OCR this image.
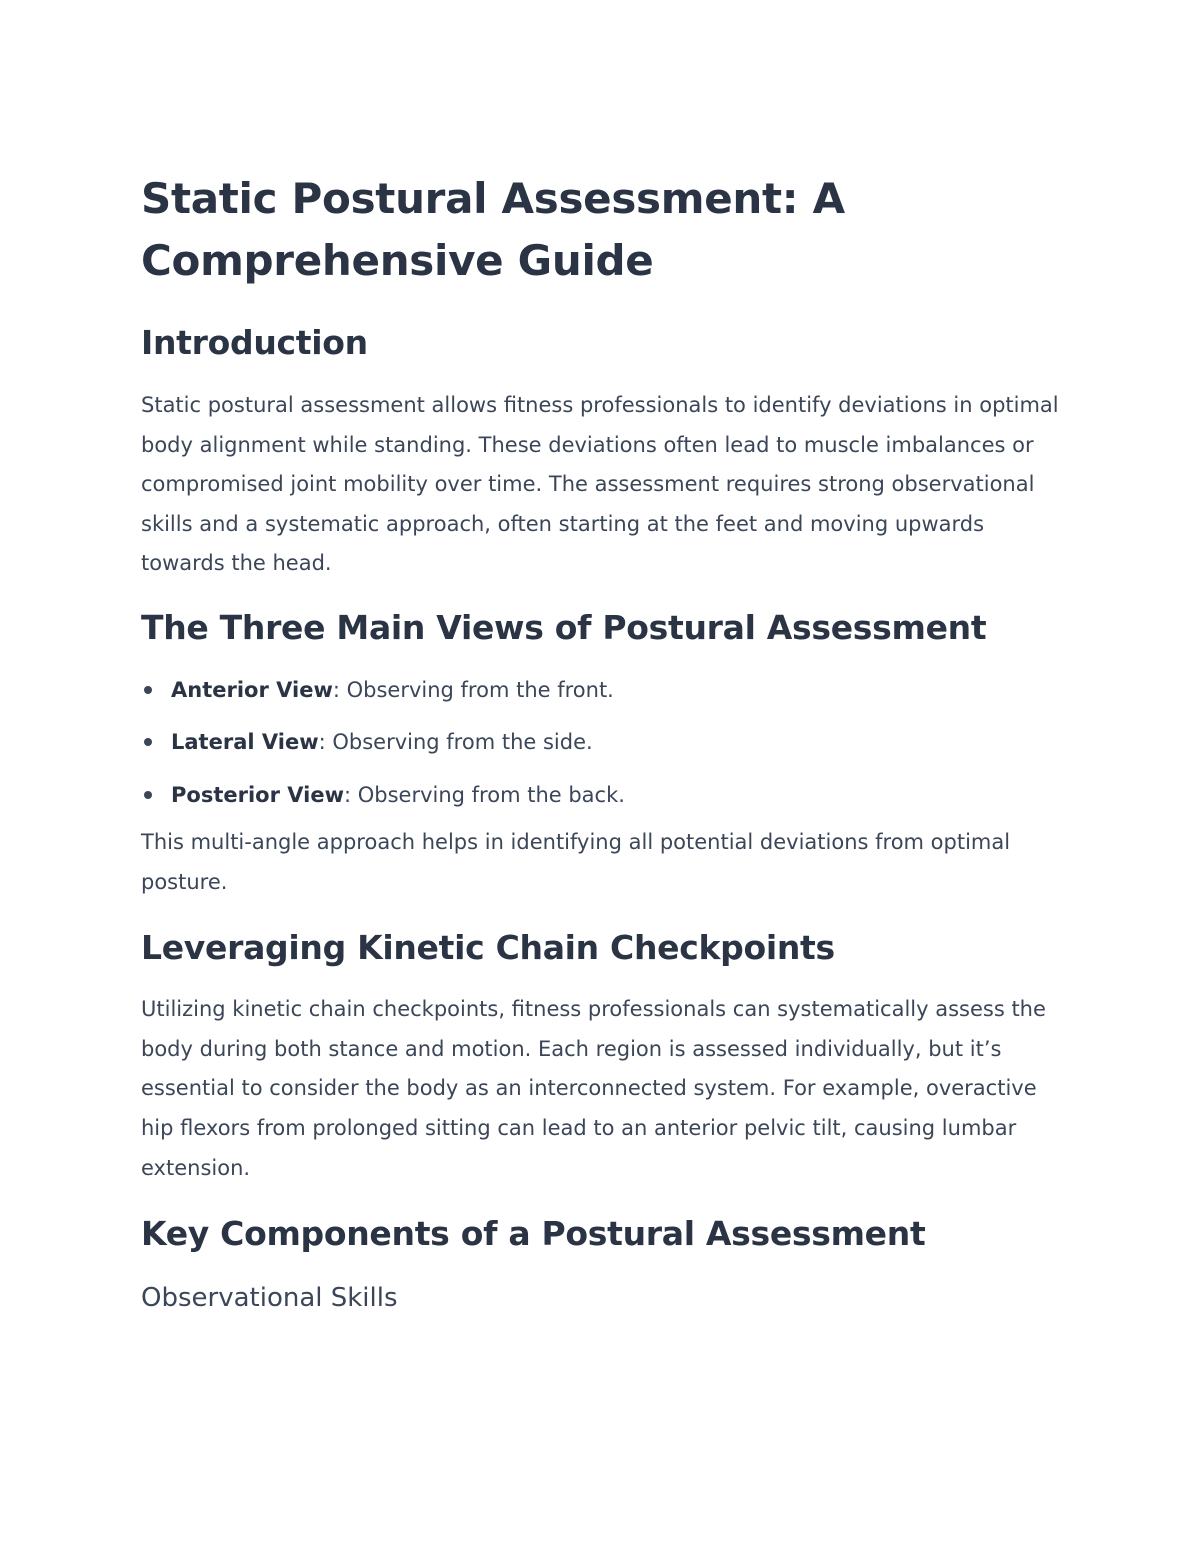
Static Postural Assessment: A Comprehensive Guide
Introduction

Static postural assessment allows fitness professionals to identify deviations in optimal body alignment while standing. These deviations often lead to muscle imbalances or compromised joint mobility over time. The assessment requires strong observational skills and a systematic approach, often starting at the feet and moving upwards towards the head.

The Three Main Views of Postural Assessment
Anterior View: Observing from the front.
Lateral View: Observing from the side.
Posterior View: Observing from the back.

This multi-angle approach helps in identifying all potential deviations from optimal posture.

Leveraging Kinetic Chain Checkpoints

Utilizing kinetic chain checkpoints, fitness professionals can systematically assess the body during both stance and motion. Each region is assessed individually, but it’s essential to consider the body as an interconnected system. For example, overactive hip flexors from prolonged sitting can lead to an anterior pelvic tilt, causing lumbar extension.

Key Components of a Postural Assessment
Observational Skills
